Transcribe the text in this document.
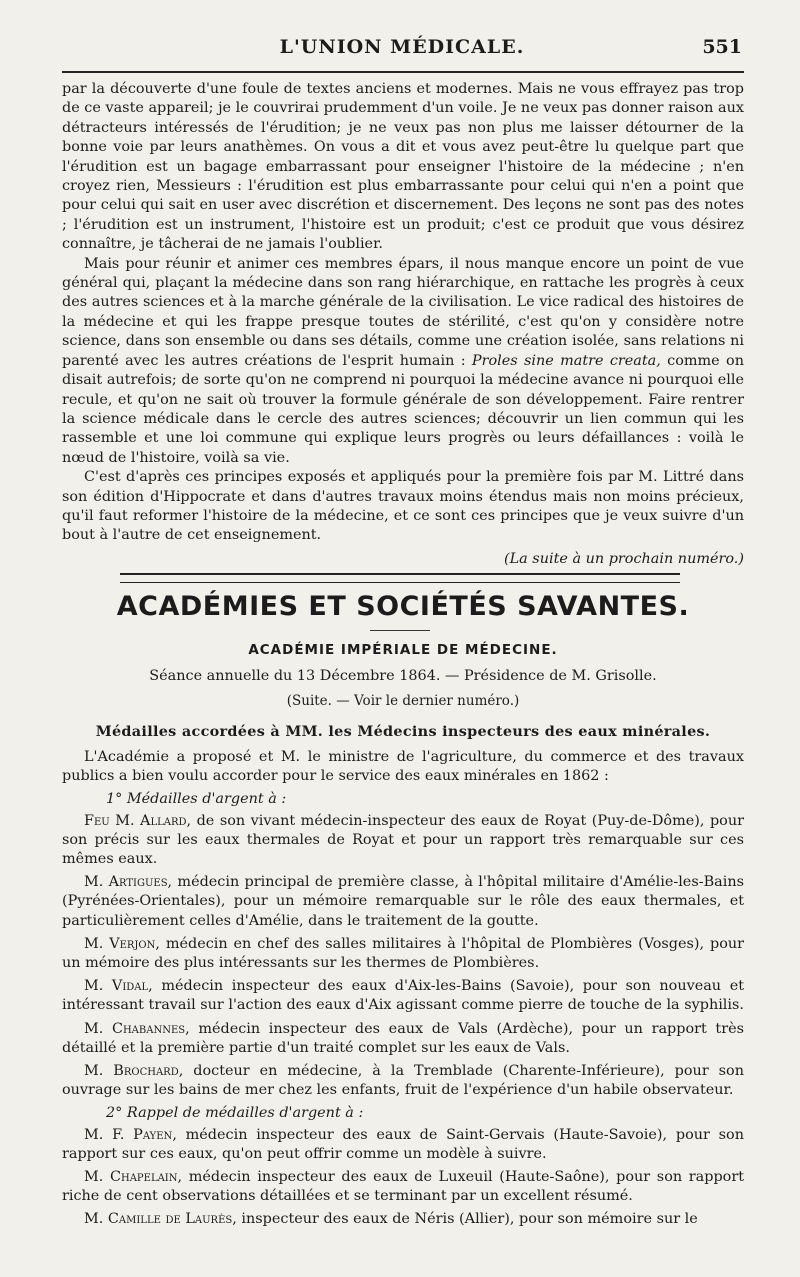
L'UNION MÉDICALE.	551

par la découverte d'une foule de textes anciens et modernes. Mais ne vous effrayez pas trop de ce vaste appareil; je le couvrirai prudemment d'un voile. Je ne veux pas donner raison aux détracteurs intéressés de l'érudition; je ne veux pas non plus me laisser détourner de la bonne voie par leurs anathèmes. On vous a dit et vous avez peut-être lu quelque part que l'érudition est un bagage embarrassant pour enseigner l'histoire de la médecine ; n'en croyez rien, Messieurs : l'érudition est plus embarrassante pour celui qui n'en a point que pour celui qui sait en user avec discrétion et discernement. Des leçons ne sont pas des notes ; l'érudition est un instrument, l'histoire est un produit; c'est ce produit que vous désirez connaître, je tâcherai de ne jamais l'oublier.

Mais pour réunir et animer ces membres épars, il nous manque encore un point de vue général qui, plaçant la médecine dans son rang hiérarchique, en rattache les progrès à ceux des autres sciences et à la marche générale de la civilisation. Le vice radical des histoires de la médecine et qui les frappe presque toutes de stérilité, c'est qu'on y considère notre science, dans son ensemble ou dans ses détails, comme une création isolée, sans relations ni parenté avec les autres créations de l'esprit humain : Proles sine matre creata, comme on disait autrefois; de sorte qu'on ne comprend ni pourquoi la médecine avance ni pourquoi elle recule, et qu'on ne sait où trouver la formule générale de son développement. Faire rentrer la science médicale dans le cercle des autres sciences; découvrir un lien commun qui les rassemble et une loi commune qui explique leurs progrès ou leurs défaillances : voilà le nœud de l'histoire, voilà sa vie.

C'est d'après ces principes exposés et appliqués pour la première fois par M. Littré dans son édition d'Hippocrate et dans d'autres travaux moins étendus mais non moins précieux, qu'il faut reformer l'histoire de la médecine, et ce sont ces principes que je veux suivre d'un bout à l'autre de cet enseignement.

(La suite à un prochain numéro.)
ACADÉMIES ET SOCIÉTÉS SAVANTES.
ACADÉMIE IMPÉRIALE DE MÉDECINE.
Séance annuelle du 13 Décembre 1864. — Présidence de M. Grisolle.
(Suite. — Voir le dernier numéro.)
Médailles accordées à MM. les Médecins inspecteurs des eaux minérales.

L'Académie a proposé et M. le ministre de l'agriculture, du commerce et des travaux publics a bien voulu accorder pour le service des eaux minérales en 1862 :

1° Médailles d'argent à :

Feu M. Allard, de son vivant médecin-inspecteur des eaux de Royat (Puy-de-Dôme), pour son précis sur les eaux thermales de Royat et pour un rapport très remarquable sur ces mêmes eaux.

M. Artigues, médecin principal de première classe, à l'hôpital militaire d'Amélie-les-Bains (Pyrénées-Orientales), pour un mémoire remarquable sur le rôle des eaux thermales, et particulièrement celles d'Amélie, dans le traitement de la goutte.

M. Verjon, médecin en chef des salles militaires à l'hôpital de Plombières (Vosges), pour un mémoire des plus intéressants sur les thermes de Plombières.

M. Vidal, médecin inspecteur des eaux d'Aix-les-Bains (Savoie), pour son nouveau et intéressant travail sur l'action des eaux d'Aix agissant comme pierre de touche de la syphilis.

M. Chabannes, médecin inspecteur des eaux de Vals (Ardèche), pour un rapport très détaillé et la première partie d'un traité complet sur les eaux de Vals.

M. Brochard, docteur en médecine, à la Tremblade (Charente-Inférieure), pour son ouvrage sur les bains de mer chez les enfants, fruit de l'expérience d'un habile observateur.

2° Rappel de médailles d'argent à :

M. F. Payen, médecin inspecteur des eaux de Saint-Gervais (Haute-Savoie), pour son rapport sur ces eaux, qu'on peut offrir comme un modèle à suivre.

M. Chapelain, médecin inspecteur des eaux de Luxeuil (Haute-Saône), pour son rapport riche de cent observations détaillées et se terminant par un excellent résumé.

M. Camille de Laurès, inspecteur des eaux de Néris (Allier), pour son mémoire sur le
